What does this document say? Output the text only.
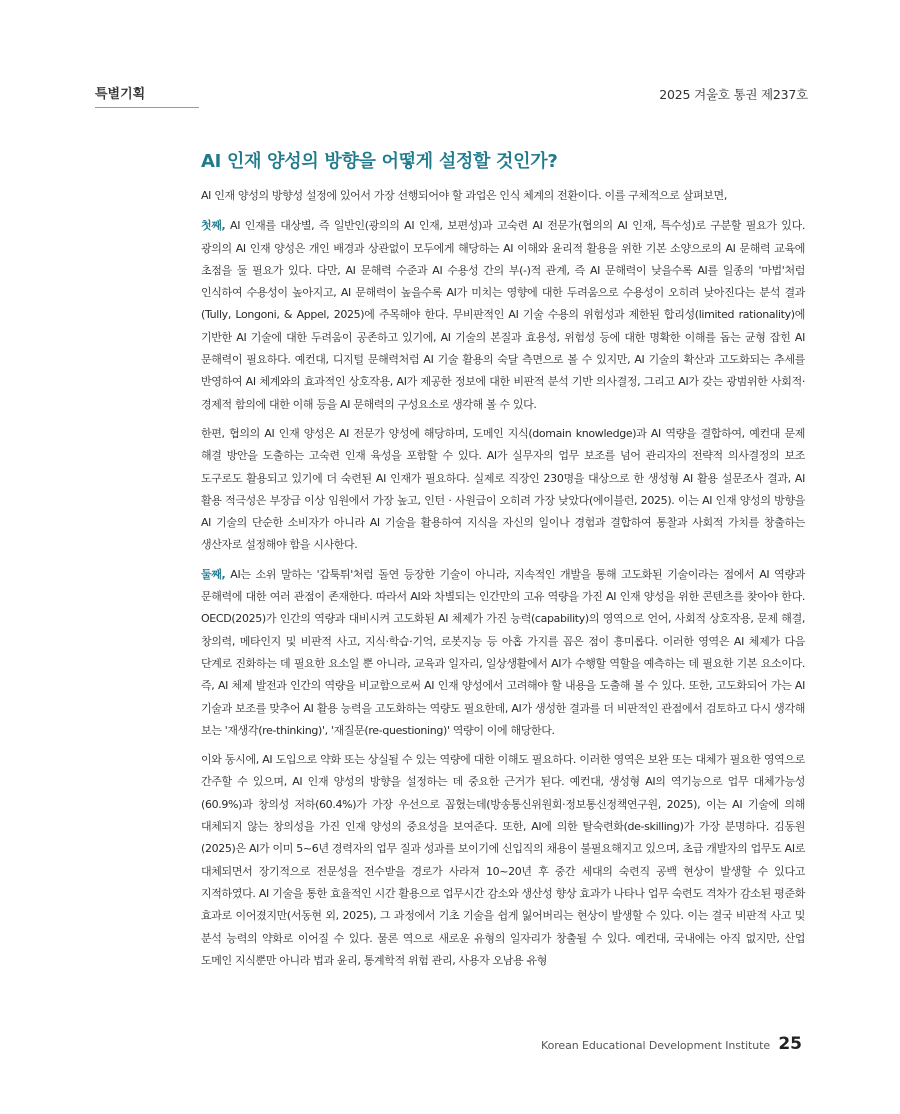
특별기획	2025 겨울호 통권 제237호
AI 인재 양성의 방향을 어떻게 설정할 것인가?

AI 인재 양성의 방향성 설정에 있어서 가장 선행되어야 할 과업은 인식 체계의 전환이다. 이를 구체적으로 살펴보면,

첫째, AI 인재를 대상별, 즉 일반인(광의의 AI 인재, 보편성)과 고숙련 AI 전문가(협의의 AI 인재, 특수성)로 구분할 필요가 있다. 광의의 AI 인재 양성은 개인 배경과 상관없이 모두에게 해당하는 AI 이해와 윤리적 활용을 위한 기본 소양으로의 AI 문해력 교육에 초점을 둘 필요가 있다. 다만, AI 문해력 수준과 AI 수용성 간의 부(-)적 관계, 즉 AI 문해력이 낮을수록 AI를 일종의 '마법'처럼 인식하여 수용성이 높아지고, AI 문해력이 높을수록 AI가 미치는 영향에 대한 두려움으로 수용성이 오히려 낮아진다는 분석 결과(Tully, Longoni, & Appel, 2025)에 주목해야 한다. 무비판적인 AI 기술 수용의 위험성과 제한된 합리성(limited rationality)에 기반한 AI 기술에 대한 두려움이 공존하고 있기에, AI 기술의 본질과 효용성, 위험성 등에 대한 명확한 이해를 돕는 균형 잡힌 AI 문해력이 필요하다. 예컨대, 디지털 문해력처럼 AI 기술 활용의 숙달 측면으로 볼 수 있지만, AI 기술의 확산과 고도화되는 추세를 반영하여 AI 체계와의 효과적인 상호작용, AI가 제공한 정보에 대한 비판적 분석 기반 의사결정, 그리고 AI가 갖는 광범위한 사회적·경제적 함의에 대한 이해 등을 AI 문해력의 구성요소로 생각해 볼 수 있다.

한편, 협의의 AI 인재 양성은 AI 전문가 양성에 해당하며, 도메인 지식(domain knowledge)과 AI 역량을 결합하여, 예컨대 문제 해결 방안을 도출하는 고숙련 인재 육성을 포함할 수 있다. AI가 실무자의 업무 보조를 넘어 관리자의 전략적 의사결정의 보조 도구로도 활용되고 있기에 더 숙련된 AI 인재가 필요하다. 실제로 직장인 230명을 대상으로 한 생성형 AI 활용 설문조사 결과, AI 활용 적극성은 부장급 이상 임원에서 가장 높고, 인턴 · 사원급이 오히려 가장 낮았다(에이블런, 2025). 이는 AI 인재 양성의 방향을 AI 기술의 단순한 소비자가 아니라 AI 기술을 활용하여 지식을 자신의 일이나 경험과 결합하여 통찰과 사회적 가치를 창출하는 생산자로 설정해야 함을 시사한다.

둘째, AI는 소위 말하는 '갑툭튀'처럼 돌연 등장한 기술이 아니라, 지속적인 개발을 통해 고도화된 기술이라는 점에서 AI 역량과 문해력에 대한 여러 관점이 존재한다. 따라서 AI와 차별되는 인간만의 고유 역량을 가진 AI 인재 양성을 위한 콘텐츠를 찾아야 한다. OECD(2025)가 인간의 역량과 대비시켜 고도화된 AI 체제가 가진 능력(capability)의 영역으로 언어, 사회적 상호작용, 문제 해결, 창의력, 메타인지 및 비판적 사고, 지식·학습·기억, 로봇지능 등 아홉 가지를 꼽은 점이 흥미롭다. 이러한 영역은 AI 체제가 다음 단계로 진화하는 데 필요한 요소일 뿐 아니라, 교육과 일자리, 일상생활에서 AI가 수행할 역할을 예측하는 데 필요한 기본 요소이다. 즉, AI 체제 발전과 인간의 역량을 비교함으로써 AI 인재 양성에서 고려해야 할 내용을 도출해 볼 수 있다. 또한, 고도화되어 가는 AI 기술과 보조를 맞추어 AI 활용 능력을 고도화하는 역량도 필요한데, AI가 생성한 결과를 더 비판적인 관점에서 검토하고 다시 생각해 보는 '재생각(re-thinking)', '재질문(re-questioning)' 역량이 이에 해당한다.

이와 동시에, AI 도입으로 약화 또는 상실될 수 있는 역량에 대한 이해도 필요하다. 이러한 영역은 보완 또는 대체가 필요한 영역으로 간주할 수 있으며, AI 인재 양성의 방향을 설정하는 데 중요한 근거가 된다. 예컨대, 생성형 AI의 역기능으로 업무 대체가능성(60.9%)과 창의성 저하(60.4%)가 가장 우선으로 꼽혔는데(방송통신위원회·정보통신정책연구원, 2025), 이는 AI 기술에 의해 대체되지 않는 창의성을 가진 인재 양성의 중요성을 보여준다. 또한, AI에 의한 탈숙련화(de-skilling)가 가장 분명하다. 김동원(2025)은 AI가 이미 5~6년 경력자의 업무 질과 성과를 보이기에 신입직의 채용이 불필요해지고 있으며, 초급 개발자의 업무도 AI로 대체되면서 장기적으로 전문성을 전수받을 경로가 사라져 10~20년 후 중간 세대의 숙련직 공백 현상이 발생할 수 있다고 지적하였다. AI 기술을 통한 효율적인 시간 활용으로 업무시간 감소와 생산성 향상 효과가 나타나 업무 숙련도 격차가 감소된 평준화 효과로 이어졌지만(서동현 외, 2025), 그 과정에서 기초 기술을 쉽게 잃어버리는 현상이 발생할 수 있다. 이는 결국 비판적 사고 및 분석 능력의 약화로 이어질 수 있다. 물론 역으로 새로운 유형의 일자리가 창출될 수 있다. 예컨대, 국내에는 아직 없지만, 산업 도메인 지식뿐만 아니라 법과 윤리, 통계학적 위험 관리, 사용자 오남용 유형

Korean Educational Development Institute 25
